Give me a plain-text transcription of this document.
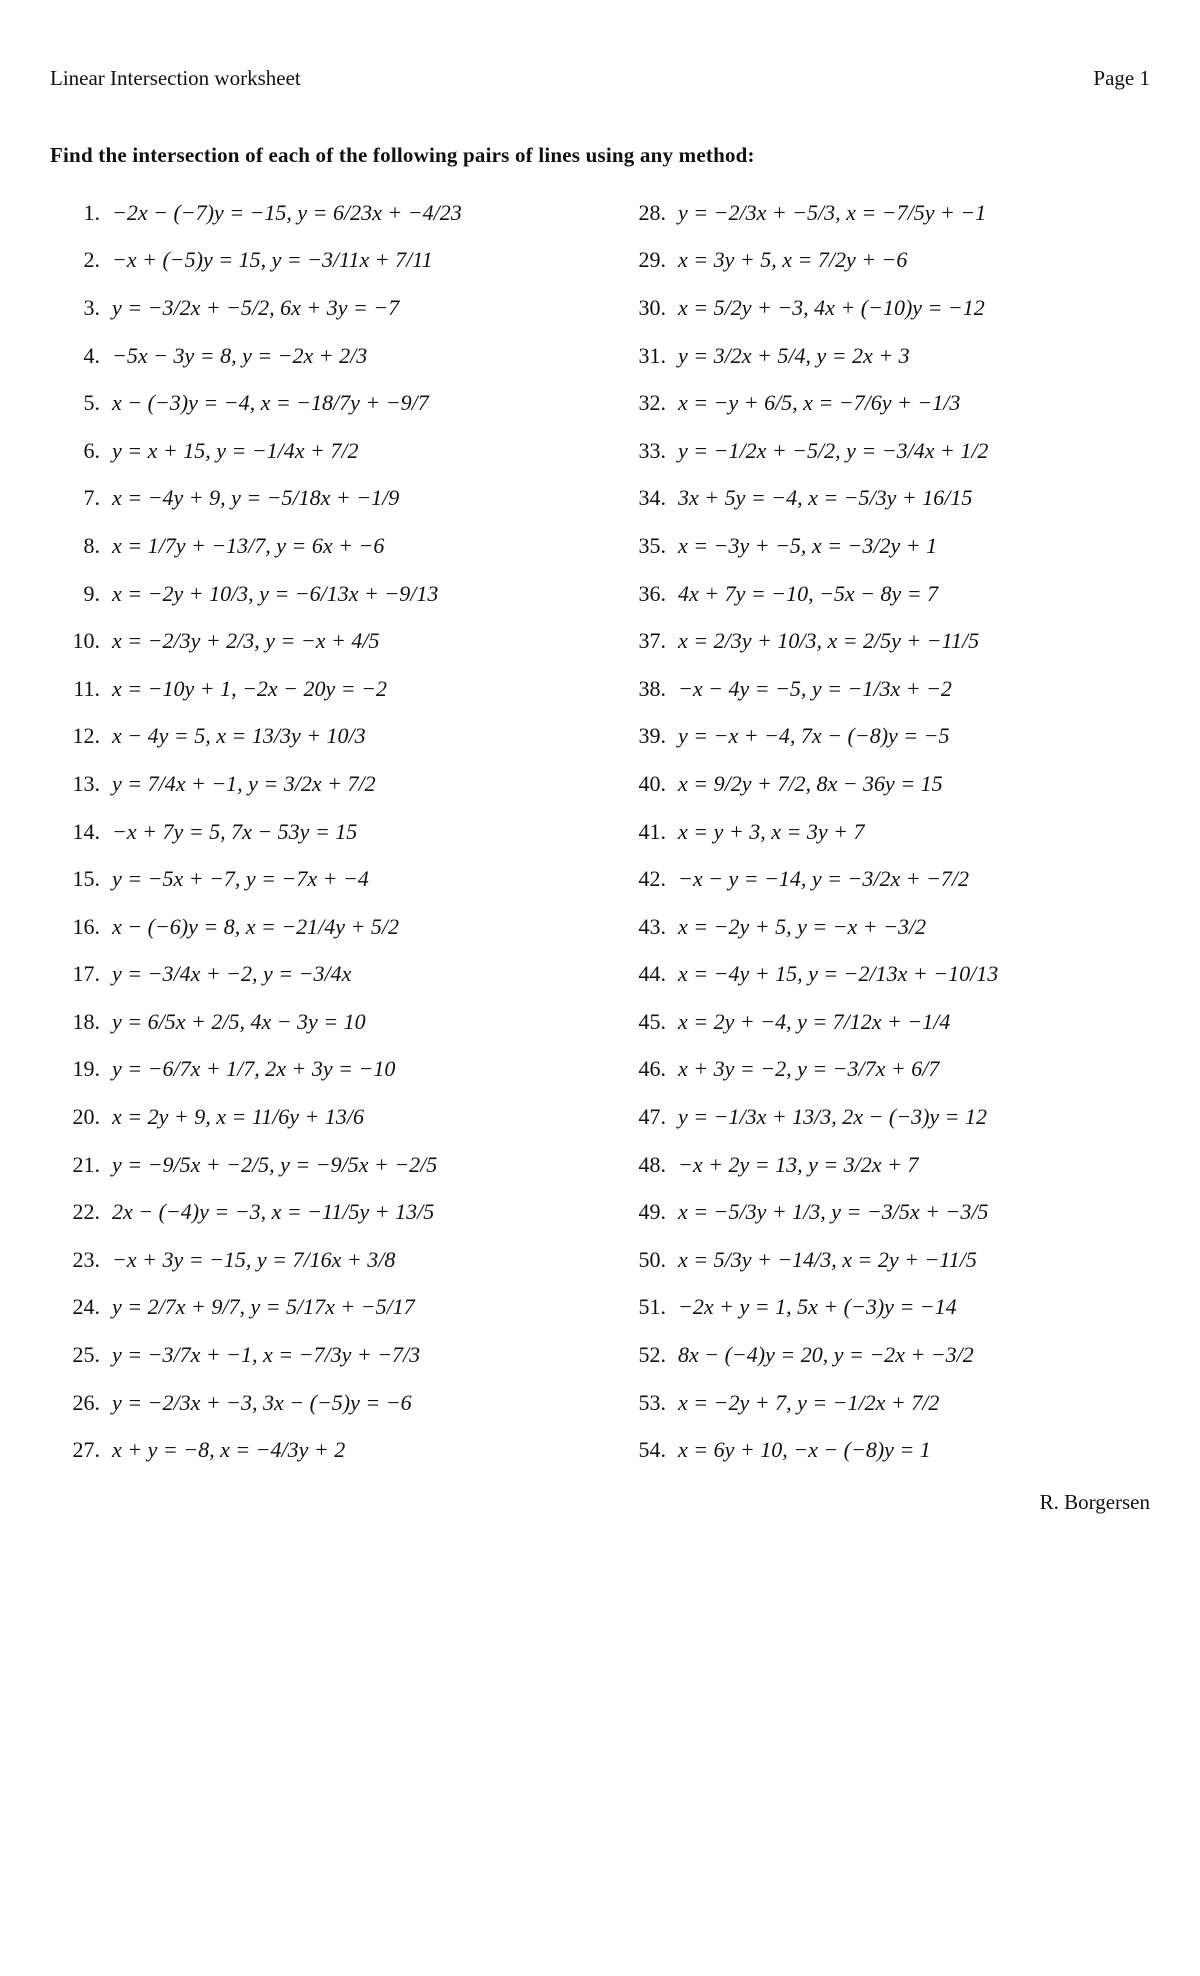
Linear Intersection worksheet	Page 1
Find the intersection of each of the following pairs of lines using any method:
1. −2x − (−7)y = −15, y = 6/23x + −4/23
2. −x + (−5)y = 15, y = −3/11x + 7/11
3. y = −3/2x + −5/2, 6x + 3y = −7
4. −5x − 3y = 8, y = −2x + 2/3
5. x − (−3)y = −4, x = −18/7y + −9/7
6. y = x + 15, y = −1/4x + 7/2
7. x = −4y + 9, y = −5/18x + −1/9
8. x = 1/7y + −13/7, y = 6x + −6
9. x = −2y + 10/3, y = −6/13x + −9/13
10. x = −2/3y + 2/3, y = −x + 4/5
11. x = −10y + 1, −2x − 20y = −2
12. x − 4y = 5, x = 13/3y + 10/3
13. y = 7/4x + −1, y = 3/2x + 7/2
14. −x + 7y = 5, 7x − 53y = 15
15. y = −5x + −7, y = −7x + −4
16. x − (−6)y = 8, x = −21/4y + 5/2
17. y = −3/4x + −2, y = −3/4x
18. y = 6/5x + 2/5, 4x − 3y = 10
19. y = −6/7x + 1/7, 2x + 3y = −10
20. x = 2y + 9, x = 11/6y + 13/6
21. y = −9/5x + −2/5, y = −9/5x + −2/5
22. 2x − (−4)y = −3, x = −11/5y + 13/5
23. −x + 3y = −15, y = 7/16x + 3/8
24. y = 2/7x + 9/7, y = 5/17x + −5/17
25. y = −3/7x + −1, x = −7/3y + −7/3
26. y = −2/3x + −3, 3x − (−5)y = −6
27. x + y = −8, x = −4/3y + 2
28. y = −2/3x + −5/3, x = −7/5y + −1
29. x = 3y + 5, x = 7/2y + −6
30. x = 5/2y + −3, 4x + (−10)y = −12
31. y = 3/2x + 5/4, y = 2x + 3
32. x = −y + 6/5, x = −7/6y + −1/3
33. y = −1/2x + −5/2, y = −3/4x + 1/2
34. 3x + 5y = −4, x = −5/3y + 16/15
35. x = −3y + −5, x = −3/2y + 1
36. 4x + 7y = −10, −5x − 8y = 7
37. x = 2/3y + 10/3, x = 2/5y + −11/5
38. −x − 4y = −5, y = −1/3x + −2
39. y = −x + −4, 7x − (−8)y = −5
40. x = 9/2y + 7/2, 8x − 36y = 15
41. x = y + 3, x = 3y + 7
42. −x − y = −14, y = −3/2x + −7/2
43. x = −2y + 5, y = −x + −3/2
44. x = −4y + 15, y = −2/13x + −10/13
45. x = 2y + −4, y = 7/12x + −1/4
46. x + 3y = −2, y = −3/7x + 6/7
47. y = −1/3x + 13/3, 2x − (−3)y = 12
48. −x + 2y = 13, y = 3/2x + 7
49. x = −5/3y + 1/3, y = −3/5x + −3/5
50. x = 5/3y + −14/3, x = 2y + −11/5
51. −2x + y = 1, 5x + (−3)y = −14
52. 8x − (−4)y = 20, y = −2x + −3/2
53. x = −2y + 7, y = −1/2x + 7/2
54. x = 6y + 10, −x − (−8)y = 1
R. Borgersen
